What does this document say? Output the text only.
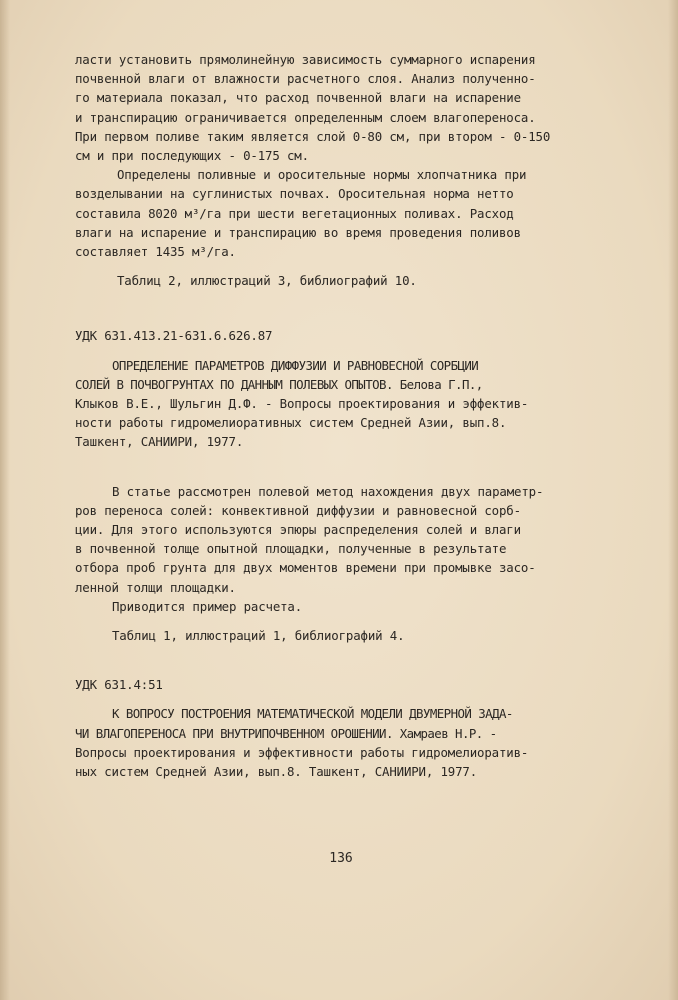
ласти установить прямолинейную зависимость суммарного испарения
почвенной влаги от влажности расчетного слоя. Анализ полученно-
го материала показал, что расход почвенной влаги на испарение
и транспирацию ограничивается определенным слоем влагопереноса.
При первом поливе таким является слой 0-80 см, при втором - 0-150
см и при последующих - 0-175 см.
Определены поливные и оросительные нормы хлопчатника при
возделывании на суглинистых почвах. Оросительная норма нетто
составила 8020 м³/га при шести вегетационных поливах. Расход
влаги на испарение и транспирацию во время проведения поливов
составляет 1435 м³/га.
Таблиц 2, иллюстраций 3, библиографий 10.
УДК 631.413.21-631.6.626.87
ОПРЕДЕЛЕНИЕ ПАРАМЕТРОВ ДИФФУЗИИ И РАВНОВЕСНОЙ СОРБЦИИ
СОЛЕЙ В ПОЧВОГРУНТАХ ПО ДАННЫМ ПОЛЕВЫХ ОПЫТОВ. Белова Г.П.,
Клыков В.Е., Шульгин Д.Ф. - Вопросы проектирования и эффектив-
ности работы гидромелиоративных систем Средней Азии, вып.8.
Ташкент, САНИИРИ, 1977.
В статье рассмотрен полевой метод нахождения двух параметр-
ров переноса солей: конвективной диффузии и равновесной сорб-
ции. Для этого используются эпюры распределения солей и влаги
в почвенной толще опытной площадки, полученные в результате
отбора проб грунта для двух моментов времени при промывке засо-
ленной толщи площадки.
Приводится пример расчета.
Таблиц 1, иллюстраций 1, библиографий 4.
УДК 631.4:51
К ВОПРОСУ ПОСТРОЕНИЯ МАТЕМАТИЧЕСКОЙ МОДЕЛИ ДВУМЕРНОЙ ЗАДА-
ЧИ ВЛАГОПЕРЕНОСА ПРИ ВНУТРИПОЧВЕННОМ ОРОШЕНИИ. Хамраев Н.Р. -
Вопросы проектирования и эффективности работы гидромелиоратив-
ных систем Средней Азии, вып.8. Ташкент, САНИИРИ, 1977.
136
